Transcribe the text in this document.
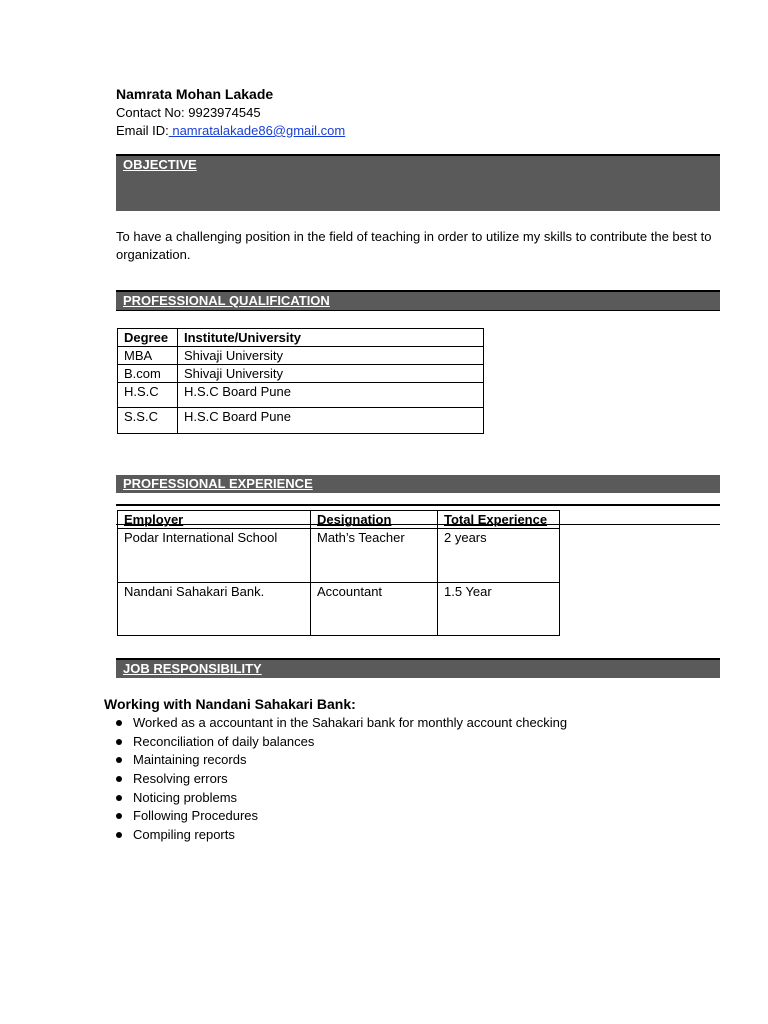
Namrata Mohan Lakade
Contact No: 9923974545
Email ID: namratalakade86@gmail.com
OBJECTIVE
To have a challenging position in the field of teaching in order to utilize my skills to contribute the best to organization.
PROFESSIONAL QUALIFICATION
Degree	Institute/University
MBA	Shivaji University
B.com	Shivaji University
H.S.C	H.S.C Board Pune
S.S.C	H.S.C Board Pune
PROFESSIONAL EXPERIENCE
Employer	Designation	Total Experience
Podar International School	Math’s Teacher	2 years
Nandani Sahakari Bank.	Accountant	1.5 Year
JOB RESPONSIBILITY
Working with Nandani Sahakari Bank:
Worked as a accountant in the Sahakari bank for monthly account checking
Reconciliation of daily balances
Maintaining records
Resolving errors
Noticing problems
Following Procedures
Compiling reports
